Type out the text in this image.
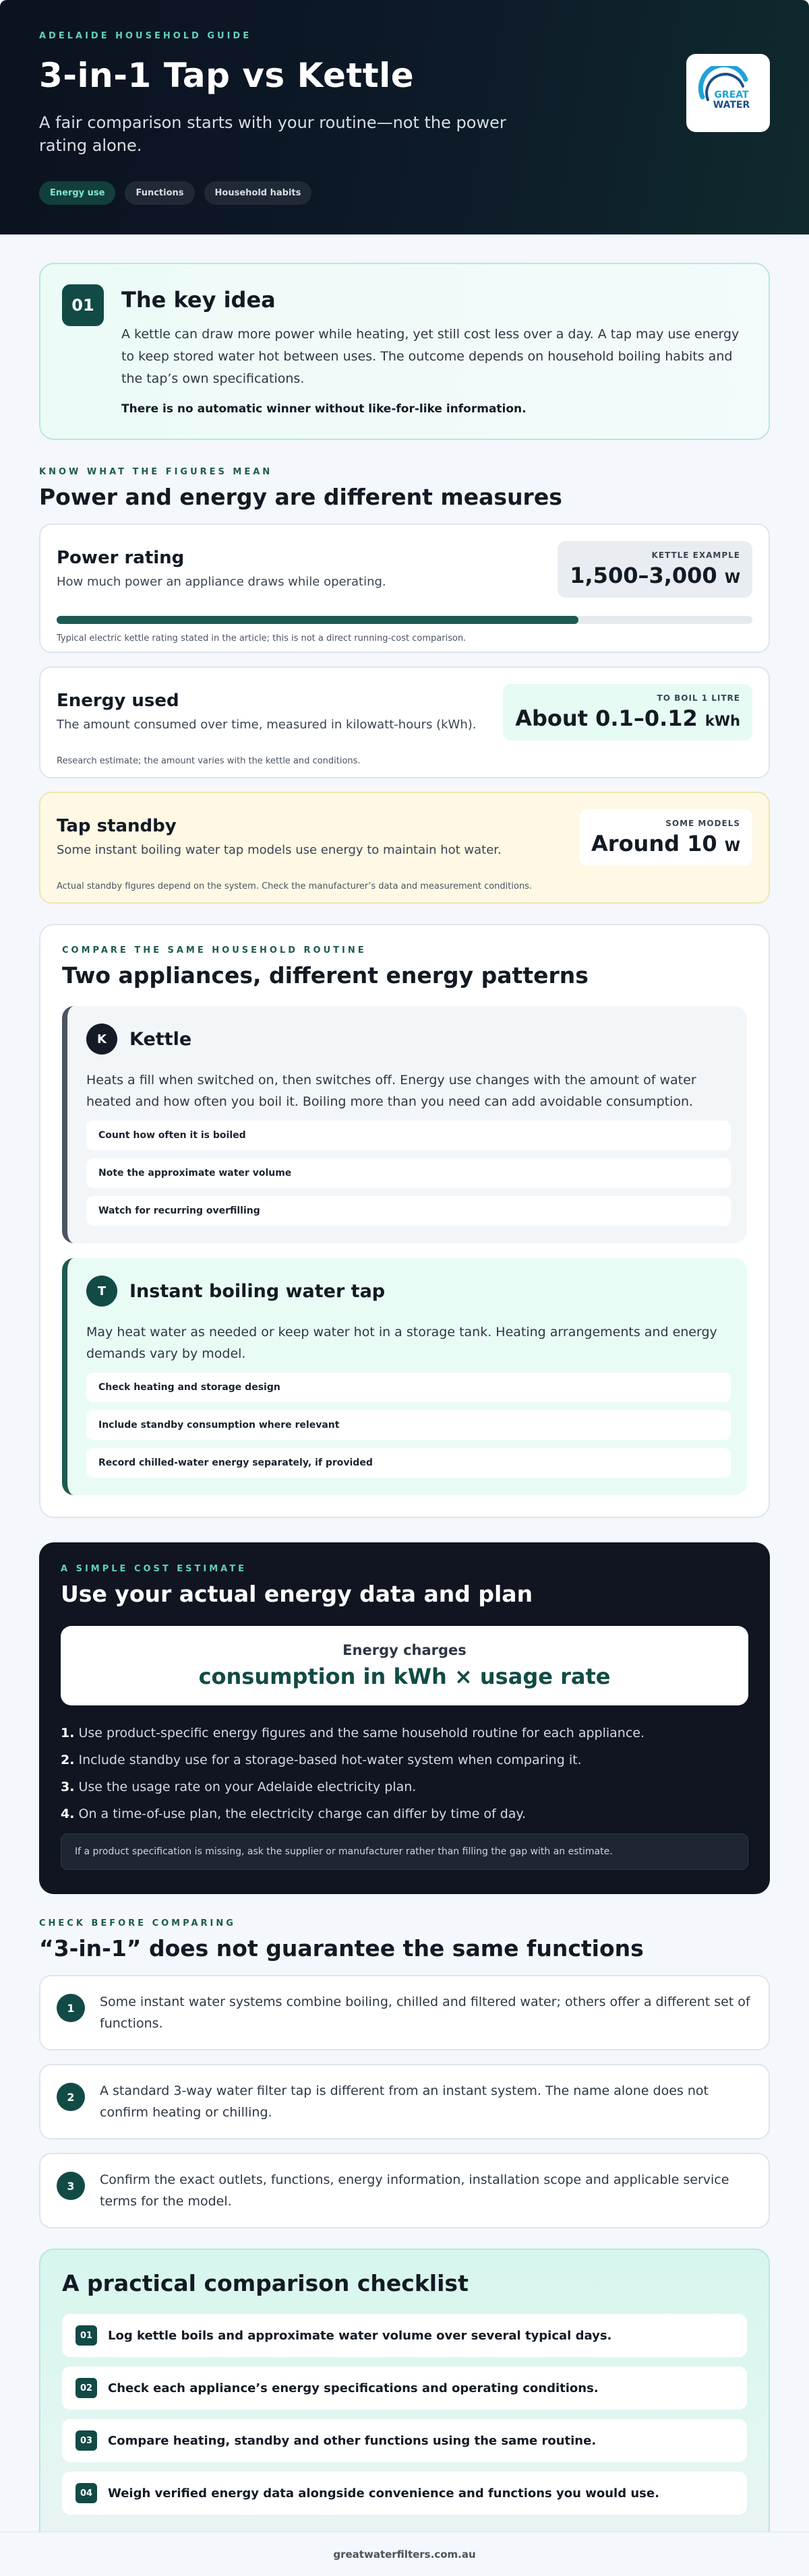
ADELAIDE HOUSEHOLD GUIDE
3-in-1 Tap vs Kettle

A fair comparison starts with your routine—not the power rating alone.

Energy use	Functions	Household habits
GREAT
WATER
01	The key idea

A kettle can draw more power while heating, yet still cost less over a day. A tap may use energy to keep stored water hot between uses. The outcome depends on household boiling habits and the tap’s own specifications.

There is no automatic winner without like-for-like information.

KNOW WHAT THE FIGURES MEAN
Power and energy are different measures
Power rating
How much power an appliance draws while operating.
KETTLE EXAMPLE
1,500–3,000 W
Typical electric kettle rating stated in the article; this is not a direct running-cost comparison.
Energy used
The amount consumed over time, measured in kilowatt-hours (kWh).
TO BOIL 1 LITRE
About 0.1–0.12 kWh
Research estimate; the amount varies with the kettle and conditions.
Tap standby
Some instant boiling water tap models use energy to maintain hot water.
SOME MODELS
Around 10 W
Actual standby figures depend on the system. Check the manufacturer’s data and measurement conditions.
COMPARE THE SAME HOUSEHOLD ROUTINE
Two appliances, different energy patterns
K	Kettle

Heats a fill when switched on, then switches off. Energy use changes with the amount of water heated and how often you boil it. Boiling more than you need can add avoidable consumption.

Count how often it is boiled
Note the approximate water volume
Watch for recurring overfilling
T	Instant boiling water tap

May heat water as needed or keep water hot in a storage tank. Heating arrangements and energy demands vary by model.

Check heating and storage design
Include standby consumption where relevant
Record chilled-water energy separately, if provided
A SIMPLE COST ESTIMATE
Use your actual energy data and plan
Energy charges
consumption in kWh × usage rate
1. Use product-specific energy figures and the same household routine for each appliance.
2. Include standby use for a storage-based hot-water system when comparing it.
3. Use the usage rate on your Adelaide electricity plan.
4. On a time-of-use plan, the electricity charge can differ by time of day.
If a product specification is missing, ask the supplier or manufacturer rather than filling the gap with an estimate.
CHECK BEFORE COMPARING
“3-in-1” does not guarantee the same functions
1	Some instant water systems combine boiling, chilled and filtered water; others offer a different set of functions.

2	A standard 3-way water filter tap is different from an instant system. The name alone does not confirm heating or chilling.

3	Confirm the exact outlets, functions, energy information, installation scope and applicable service terms for the model.

A practical comparison checklist
01	Log kettle boils and approximate water volume over several typical days.
02	Check each appliance’s energy specifications and operating conditions.
03	Compare heating, standby and other functions using the same routine.
04	Weigh verified energy data alongside convenience and functions you would use.

greatwaterfilters.com.au
